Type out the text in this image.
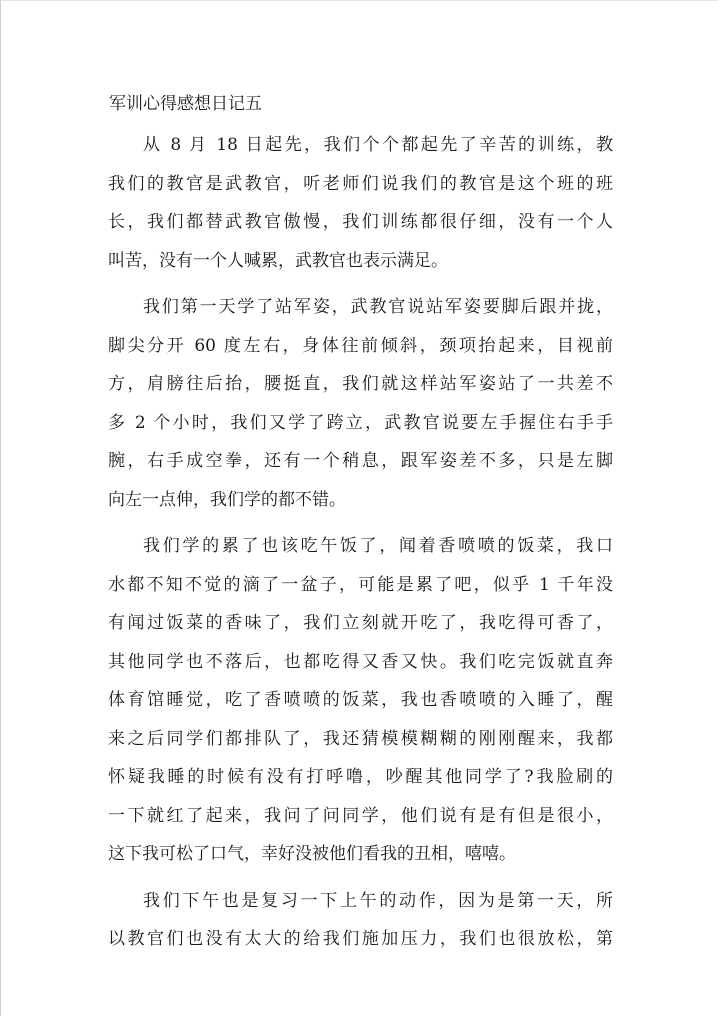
军训心得感想日记五
从 8 月 18 日起先，我们个个都起先了辛苦的训练，教
我们的教官是武教官，听老师们说我们的教官是这个班的班
长，我们都替武教官傲慢，我们训练都很仔细，没有一个人
叫苦，没有一个人喊累，武教官也表示满足。
我们第一天学了站军姿，武教官说站军姿要脚后跟并拢，
脚尖分开 60 度左右，身体往前倾斜，颈项抬起来，目视前
方，肩膀往后抬，腰挺直，我们就这样站军姿站了一共差不
多 2 个小时，我们又学了跨立，武教官说要左手握住右手手
腕，右手成空拳，还有一个稍息，跟军姿差不多，只是左脚
向左一点伸，我们学的都不错。
我们学的累了也该吃午饭了，闻着香喷喷的饭菜，我口
水都不知不觉的滴了一盆子，可能是累了吧，似乎 1 千年没
有闻过饭菜的香味了，我们立刻就开吃了，我吃得可香了，
其他同学也不落后，也都吃得又香又快。我们吃完饭就直奔
体育馆睡觉，吃了香喷喷的饭菜，我也香喷喷的入睡了，醒
来之后同学们都排队了，我还猜模模糊糊的刚刚醒来，我都
怀疑我睡的时候有没有打呼噜，吵醒其他同学了?我脸刷的
一下就红了起来，我问了问同学，他们说有是有但是很小，
这下我可松了口气，幸好没被他们看我的丑相，嘻嘻。
我们下午也是复习一下上午的动作，因为是第一天，所
以教官们也没有太大的给我们施加压力，我们也很放松，第
